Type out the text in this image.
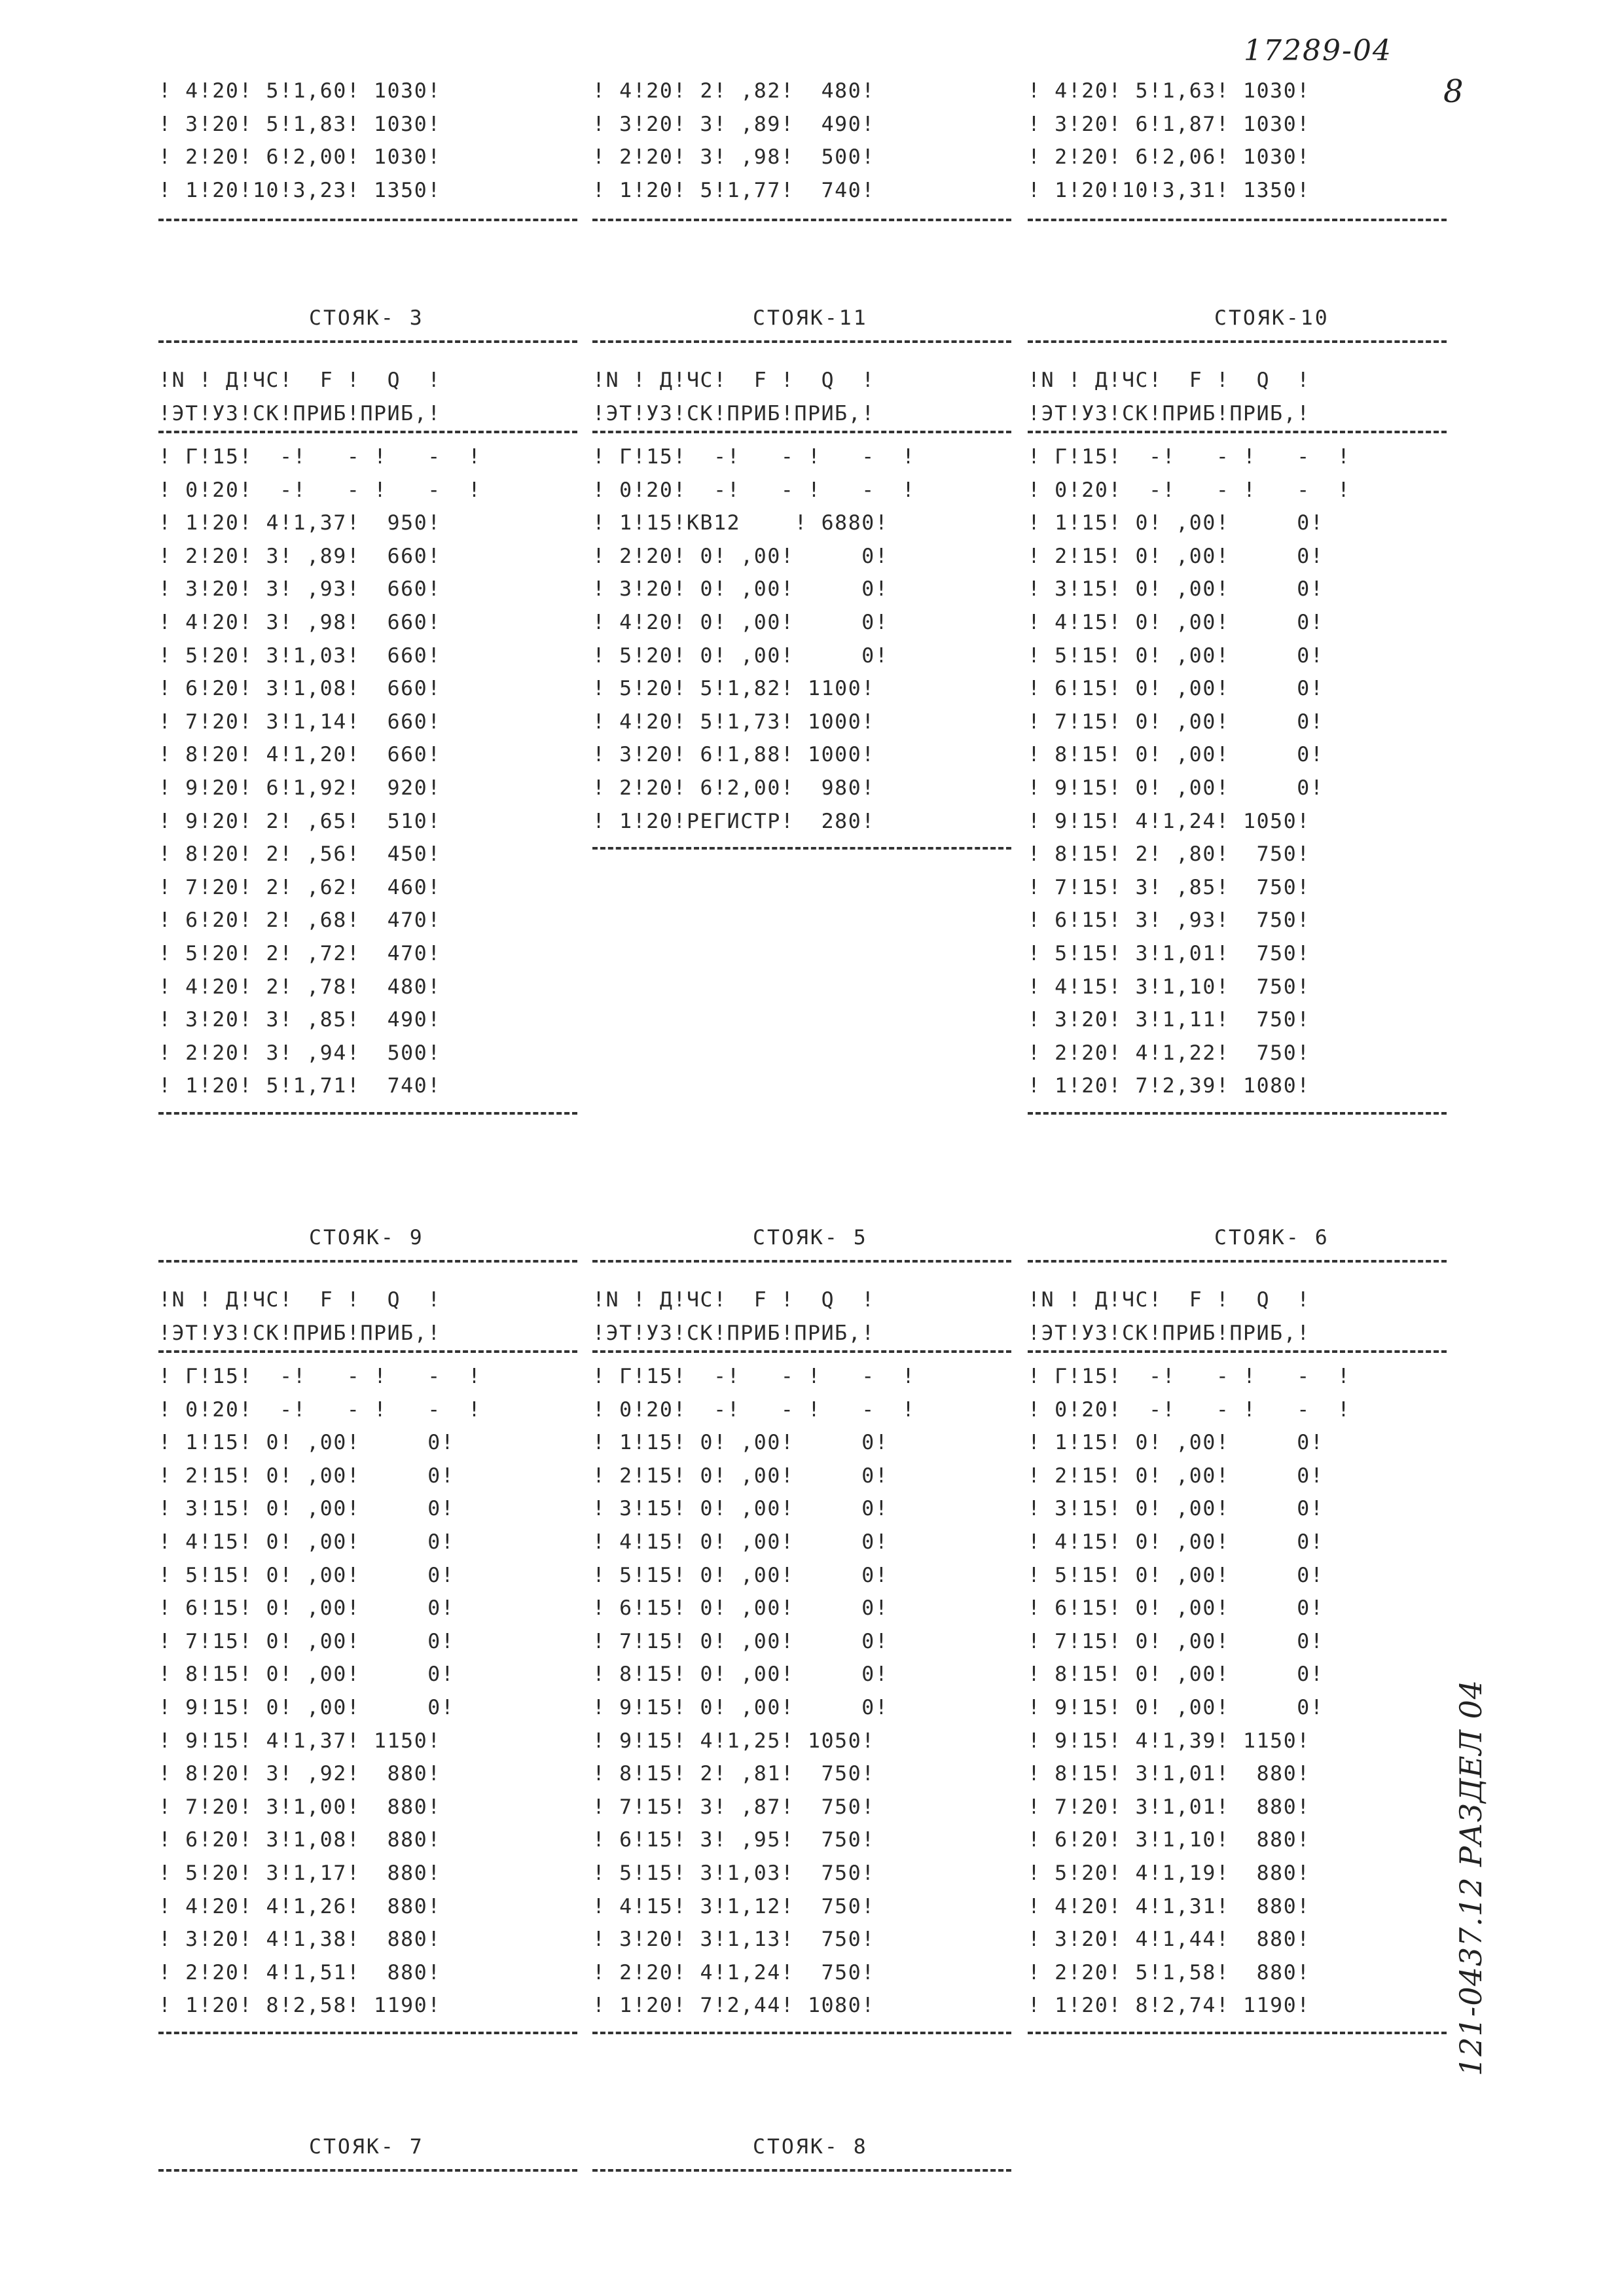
17289-04
8
121-0437.12 РАЗДЕЛ 04
! 4!20! 5!1,60! 1030!
! 3!20! 5!1,83! 1030!
! 2!20! 6!2,00! 1030!
! 1!20!10!3,23! 1350!
! 4!20! 2! ,82!  480!
! 3!20! 3! ,89!  490!
! 2!20! 3! ,98!  500!
! 1!20! 5!1,77!  740!
! 4!20! 5!1,63! 1030!
! 3!20! 6!1,87! 1030!
! 2!20! 6!2,06! 1030!
! 1!20!10!3,31! 1350!
СТОЯК- 3	СТОЯК-11	СТОЯК-10
!N ! Д!ЧС!  F !  Q  !
!ЭТ!УЗ!СК!ПРИБ!ПРИБ,!
! Г!15!  -!   - !   -  !
! 0!20!  -!   - !   -  !
! 1!20! 4!1,37!  950!
! 2!20! 3! ,89!  660!
! 3!20! 3! ,93!  660!
! 4!20! 3! ,98!  660!
! 5!20! 3!1,03!  660!
! 6!20! 3!1,08!  660!
! 7!20! 3!1,14!  660!
! 8!20! 4!1,20!  660!
! 9!20! 6!1,92!  920!
! 9!20! 2! ,65!  510!
! 8!20! 2! ,56!  450!
! 7!20! 2! ,62!  460!
! 6!20! 2! ,68!  470!
! 5!20! 2! ,72!  470!
! 4!20! 2! ,78!  480!
! 3!20! 3! ,85!  490!
! 2!20! 3! ,94!  500!
! 1!20! 5!1,71!  740!
!N ! Д!ЧС!  F !  Q  !
!ЭТ!УЗ!СК!ПРИБ!ПРИБ,!
! Г!15!  -!   - !   -  !
! 0!20!  -!   - !   -  !
! 1!15!КВ12    ! 6880!
! 2!20! 0! ,00!     0!
! 3!20! 0! ,00!     0!
! 4!20! 0! ,00!     0!
! 5!20! 0! ,00!     0!
! 5!20! 5!1,82! 1100!
! 4!20! 5!1,73! 1000!
! 3!20! 6!1,88! 1000!
! 2!20! 6!2,00!  980!
! 1!20!РЕГИСТР!  280!
!N ! Д!ЧС!  F !  Q  !
!ЭТ!УЗ!СК!ПРИБ!ПРИБ,!
! Г!15!  -!   - !   -  !
! 0!20!  -!   - !   -  !
! 1!15! 0! ,00!     0!
! 2!15! 0! ,00!     0!
! 3!15! 0! ,00!     0!
! 4!15! 0! ,00!     0!
! 5!15! 0! ,00!     0!
! 6!15! 0! ,00!     0!
! 7!15! 0! ,00!     0!
! 8!15! 0! ,00!     0!
! 9!15! 0! ,00!     0!
! 9!15! 4!1,24! 1050!
! 8!15! 2! ,80!  750!
! 7!15! 3! ,85!  750!
! 6!15! 3! ,93!  750!
! 5!15! 3!1,01!  750!
! 4!15! 3!1,10!  750!
! 3!20! 3!1,11!  750!
! 2!20! 4!1,22!  750!
! 1!20! 7!2,39! 1080!
СТОЯК- 9	СТОЯК- 5	СТОЯК- 6
!N ! Д!ЧС!  F !  Q  !
!ЭТ!УЗ!СК!ПРИБ!ПРИБ,!
! Г!15!  -!   - !   -  !
! 0!20!  -!   - !   -  !
! 1!15! 0! ,00!     0!
! 2!15! 0! ,00!     0!
! 3!15! 0! ,00!     0!
! 4!15! 0! ,00!     0!
! 5!15! 0! ,00!     0!
! 6!15! 0! ,00!     0!
! 7!15! 0! ,00!     0!
! 8!15! 0! ,00!     0!
! 9!15! 0! ,00!     0!
! 9!15! 4!1,37! 1150!
! 8!20! 3! ,92!  880!
! 7!20! 3!1,00!  880!
! 6!20! 3!1,08!  880!
! 5!20! 3!1,17!  880!
! 4!20! 4!1,26!  880!
! 3!20! 4!1,38!  880!
! 2!20! 4!1,51!  880!
! 1!20! 8!2,58! 1190!
!N ! Д!ЧС!  F !  Q  !
!ЭТ!УЗ!СК!ПРИБ!ПРИБ,!
! Г!15!  -!   - !   -  !
! 0!20!  -!   - !   -  !
! 1!15! 0! ,00!     0!
! 2!15! 0! ,00!     0!
! 3!15! 0! ,00!     0!
! 4!15! 0! ,00!     0!
! 5!15! 0! ,00!     0!
! 6!15! 0! ,00!     0!
! 7!15! 0! ,00!     0!
! 8!15! 0! ,00!     0!
! 9!15! 0! ,00!     0!
! 9!15! 4!1,25! 1050!
! 8!15! 2! ,81!  750!
! 7!15! 3! ,87!  750!
! 6!15! 3! ,95!  750!
! 5!15! 3!1,03!  750!
! 4!15! 3!1,12!  750!
! 3!20! 3!1,13!  750!
! 2!20! 4!1,24!  750!
! 1!20! 7!2,44! 1080!
!N ! Д!ЧС!  F !  Q  !
!ЭТ!УЗ!СК!ПРИБ!ПРИБ,!
! Г!15!  -!   - !   -  !
! 0!20!  -!   - !   -  !
! 1!15! 0! ,00!     0!
! 2!15! 0! ,00!     0!
! 3!15! 0! ,00!     0!
! 4!15! 0! ,00!     0!
! 5!15! 0! ,00!     0!
! 6!15! 0! ,00!     0!
! 7!15! 0! ,00!     0!
! 8!15! 0! ,00!     0!
! 9!15! 0! ,00!     0!
! 9!15! 4!1,39! 1150!
! 8!15! 3!1,01!  880!
! 7!20! 3!1,01!  880!
! 6!20! 3!1,10!  880!
! 5!20! 4!1,19!  880!
! 4!20! 4!1,31!  880!
! 3!20! 4!1,44!  880!
! 2!20! 5!1,58!  880!
! 1!20! 8!2,74! 1190!
СТОЯК- 7	СТОЯК- 8
